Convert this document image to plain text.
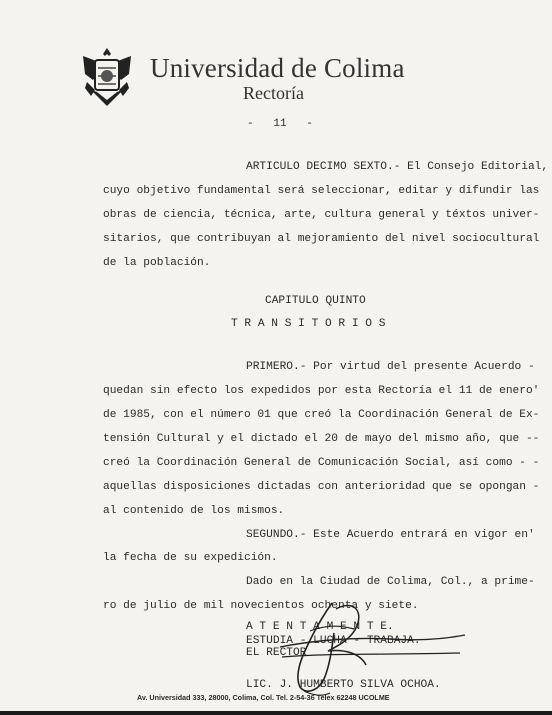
Universidad de Colima
Rectoría
-   11   -
ARTICULO DECIMO SEXTO.- El Consejo Editorial,
cuyo objetivo fundamental será seleccionar, editar y difundir las
obras de ciencia, técnica, arte, cultura general y téxtos univer-
sitarios, que contribuyan al mejoramiento del nivel sociocultural
de la población.
CAPITULO QUINTO
T R A N S I T O R I O S
PRIMERO.- Por virtud del presente Acuerdo -
quedan sin efecto los expedidos por esta Rectoría el 11 de enero'
de 1985, con el número 01 que creó la Coordinación General de Ex-
tensión Cultural y el dictado el 20 de mayo del mismo año, que --
creó la Coordinación General de Comunicación Social, así como - -
aquellas disposiciones dictadas con anterioridad que se opongan -
al contenido de los mismos.
SEGUNDO.- Este Acuerdo entrará en vigor en'
la fecha de su expedición.
Dado en la Ciudad de Colima, Col., a prime-
ro de julio de mil novecientos ochenta y siete.
A T E N T A M E N T E.
ESTUDIA - LUCHA - TRABAJA.
EL RECTOR
LIC. J. HUMBERTO SILVA OCHOA.
Av. Universidad 333, 28000, Colima, Col. Tel. 2-54-36 Telex 62248 UCOLME
